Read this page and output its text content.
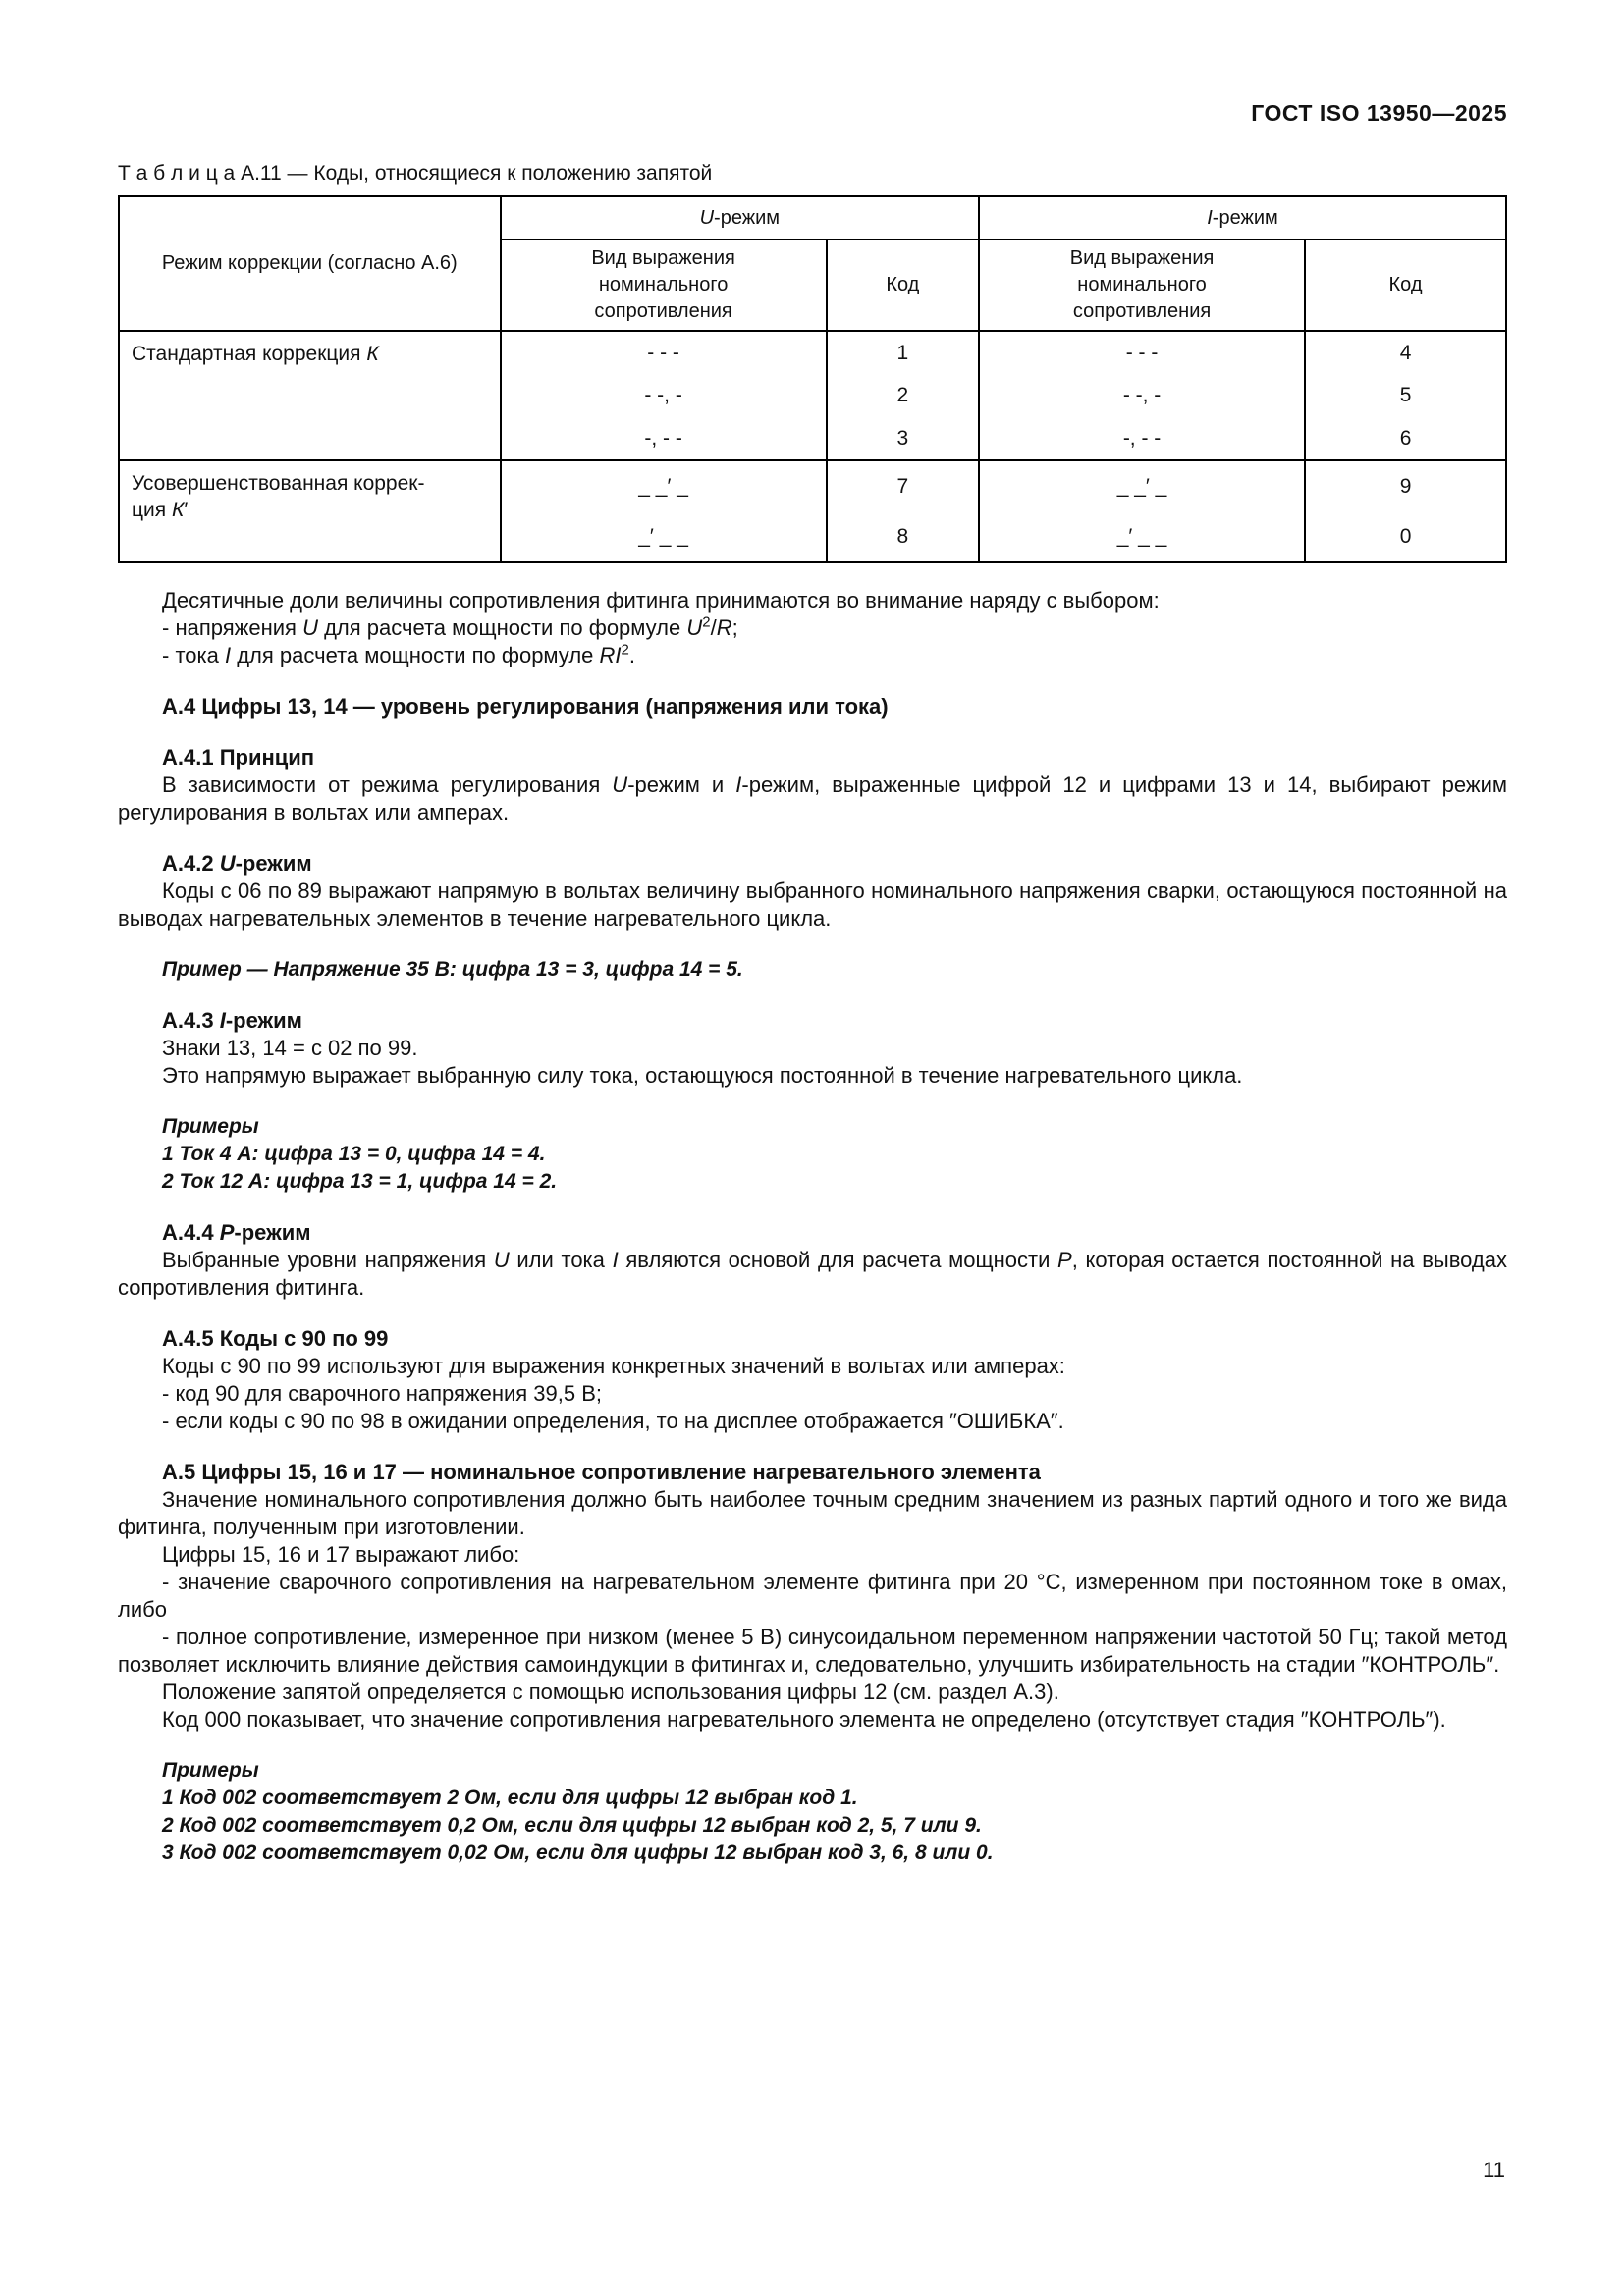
ГОСТ ISO 13950—2025
Т а б л и ц а А.11 — Коды, относящиеся к положению запятой
Режим коррекции (согласно А.6)	U-режим		I-режим	
	Вид выражения
номинального
сопротивления	Код	Вид выражения
номинального
сопротивления	Код
Стандартная коррекция К	- - -	1	- - -	4
	- -, -	2	- -, -	5
	-, - -	3	-, - -	6
Усовершенствованная коррек-
ция К′	_ _′ _	7	_ _′ _	9
	_′ _ _	8	_′ _ _	0
Десятичные доли величины сопротивления фитинга принимаются во внимание наряду с выбором:
- напряжения U для расчета мощности по формуле $U^2/R$;
- тока I для расчета мощности по формуле $RI^2$.
А.4 Цифры 13, 14 — уровень регулирования (напряжения или тока)
А.4.1 Принцип
В зависимости от режима регулирования U-режим и I-режим, выраженные цифрой 12 и цифрами 13 и 14, выбирают режим регулирования в вольтах или амперах.
А.4.2 U-режим
Коды с 06 по 89 выражают напрямую в вольтах величину выбранного номинального напряжения сварки, остающуюся постоянной на выводах нагревательных элементов в течение нагревательного цикла.
Пример — Напряжение 35 В: цифра 13 = 3, цифра 14 = 5.
А.4.3 I-режим
Знаки 13, 14 = с 02 по 99.
Это напрямую выражает выбранную силу тока, остающуюся постоянной в течение нагревательного цикла.
Примеры
1 Ток 4 А: цифра 13 = 0, цифра 14 = 4.
2 Ток 12 А: цифра 13 = 1, цифра 14 = 2.
А.4.4 P-режим
Выбранные уровни напряжения U или тока I являются основой для расчета мощности P, которая остается постоянной на выводах сопротивления фитинга.
А.4.5 Коды с 90 по 99
Коды с 90 по 99 используют для выражения конкретных значений в вольтах или амперах:
- код 90 для сварочного напряжения 39,5 В;
- если коды с 90 по 98 в ожидании определения, то на дисплее отображается ″ОШИБКА″.
А.5 Цифры 15, 16 и 17 — номинальное сопротивление нагревательного элемента
Значение номинального сопротивления должно быть наиболее точным средним значением из разных партий одного и того же вида фитинга, полученным при изготовлении.
Цифры 15, 16 и 17 выражают либо:
- значение сварочного сопротивления на нагревательном элементе фитинга при 20 °С, измеренном при постоянном токе в омах, либо
- полное сопротивление, измеренное при низком (менее 5 В) синусоидальном переменном напряжении частотой 50 Гц; такой метод позволяет исключить влияние действия самоиндукции в фитингах и, следовательно, улучшить избирательность на стадии ″КОНТРОЛЬ″.
Положение запятой определяется с помощью использования цифры 12 (см. раздел А.3).
Код 000 показывает, что значение сопротивления нагревательного элемента не определено (отсутствует стадия ″КОНТРОЛЬ″).
Примеры
1 Код 002 соответствует 2 Ом, если для цифры 12 выбран код 1.
2 Код 002 соответствует 0,2 Ом, если для цифры 12 выбран код 2, 5, 7 или 9.
3 Код 002 соответствует 0,02 Ом, если для цифры 12 выбран код 3, 6, 8 или 0.
11
